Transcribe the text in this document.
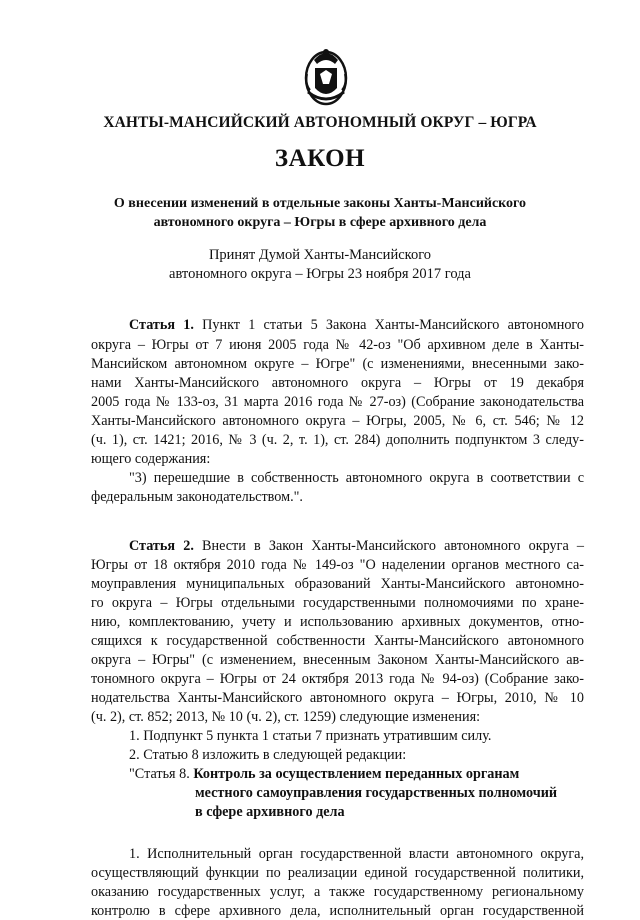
ХАНТЫ-МАНСИЙСКИЙ АВТОНОМНЫЙ ОКРУГ – ЮГРА
ЗАКОН
О внесении изменений в отдельные законы Ханты-Мансийского
автономного округа – Югры в сфере архивного дела
Принят Думой Ханты-Мансийского
автономного округа – Югры 23 ноября 2017 года
Статья 1. Пункт 1 статьи 5 Закона Ханты-Мансийского автономного
округа – Югры от 7 июня 2005 года № 42-оз "Об архивном деле в Ханты-
Мансийском автономном округе – Югре" (с изменениями, внесенными зако-
нами Ханты-Мансийского автономного округа – Югры от 19 декабря
2005 года № 133-оз, 31 марта 2016 года № 27-оз) (Собрание законодательства
Ханты-Мансийского автономного округа – Югры, 2005, № 6, ст. 546; № 12
(ч. 1), ст. 1421; 2016, № 3 (ч. 2, т. 1), ст. 284) дополнить подпунктом 3 следу-
ющего содержания:
"3) перешедшие в собственность автономного округа в соответствии с
федеральным законодательством.".
Статья 2. Внести в Закон Ханты-Мансийского автономного округа –
Югры от 18 октября 2010 года № 149-оз "О наделении органов местного са-
моуправления муниципальных образований Ханты-Мансийского автономно-
го округа – Югры отдельными государственными полномочиями по хране-
нию, комплектованию, учету и использованию архивных документов, отно-
сящихся к государственной собственности Ханты-Мансийского автономного
округа – Югры" (с изменением, внесенным Законом Ханты-Мансийского ав-
тономного округа – Югры от 24 октября 2013 года № 94-оз) (Собрание зако-
нодательства Ханты-Мансийского автономного округа – Югры, 2010, № 10
(ч. 2), ст. 852; 2013, № 10 (ч. 2), ст. 1259) следующие изменения:
1. Подпункт 5 пункта 1 статьи 7 признать утратившим силу.
2. Статью 8 изложить в следующей редакции:
"Статья 8. Контроль за осуществлением переданных органам
местного самоуправления государственных полномочий
в сфере архивного дела
1. Исполнительный орган государственной власти автономного округа,
осуществляющий функции по реализации единой государственной политики,
оказанию государственных услуг, а также государственному региональному
контролю в сфере архивного дела, исполнительный орган государственной
